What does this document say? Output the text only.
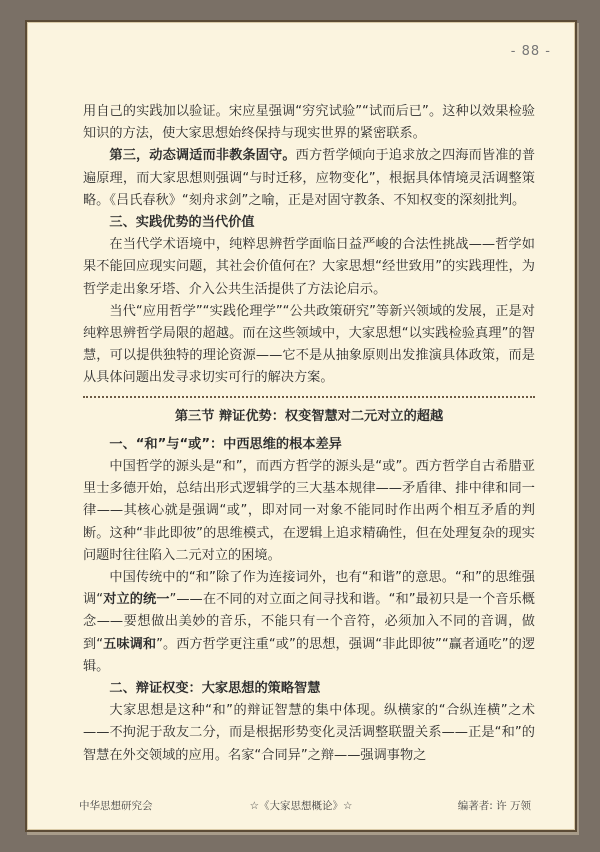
- 88 -

用自己的实践加以验证。宋应星强调“穷究试验”“试而后已”。这种以效果检验知识的方法，使大家思想始终保持与现实世界的紧密联系。

第三，动态调适而非教条固守。西方哲学倾向于追求放之四海而皆准的普遍原理，而大家思想则强调“与时迁移，应物变化”，根据具体情境灵活调整策略。《吕氏春秋》“刻舟求剑”之喻，正是对固守教条、不知权变的深刻批判。

三、实践优势的当代价值

在当代学术语境中，纯粹思辨哲学面临日益严峻的合法性挑战——哲学如果不能回应现实问题，其社会价值何在？大家思想“经世致用”的实践理性，为哲学走出象牙塔、介入公共生活提供了方法论启示。

当代“应用哲学”“实践伦理学”“公共政策研究”等新兴领域的发展，正是对纯粹思辨哲学局限的超越。而在这些领域中，大家思想“以实践检验真理”的智慧，可以提供独特的理论资源——它不是从抽象原则出发推演具体政策，而是从具体问题出发寻求切实可行的解决方案。

第三节 辩证优势：权变智慧对二元对立的超越

一、“和”与“或”：中西思维的根本差异

中国哲学的源头是“和”，而西方哲学的源头是“或”。西方哲学自古希腊亚里士多德开始，总结出形式逻辑学的三大基本规律——矛盾律、排中律和同一律——其核心就是强调“或”，即对同一对象不能同时作出两个相互矛盾的判断。这种“非此即彼”的思维模式，在逻辑上追求精确性，但在处理复杂的现实问题时往往陷入二元对立的困境。

中国传统中的“和”除了作为连接词外，也有“和谐”的意思。“和”的思维强调“对立的统一”——在不同的对立面之间寻找和谐。“和”最初只是一个音乐概念——要想做出美妙的音乐，不能只有一个音符，必须加入不同的音调，做到“五味调和”。西方哲学更注重“或”的思想，强调“非此即彼”“赢者通吃”的逻辑。

二、辩证权变：大家思想的策略智慧

大家思想是这种“和”的辩证智慧的集中体现。纵横家的“合纵连横”之术——不拘泥于敌友二分，而是根据形势变化灵活调整联盟关系——正是“和”的智慧在外交领域的应用。名家“合同异”之辩——强调事物之

中华思想研究会	☆《大家思想概论》☆	编著者: 许 万领
